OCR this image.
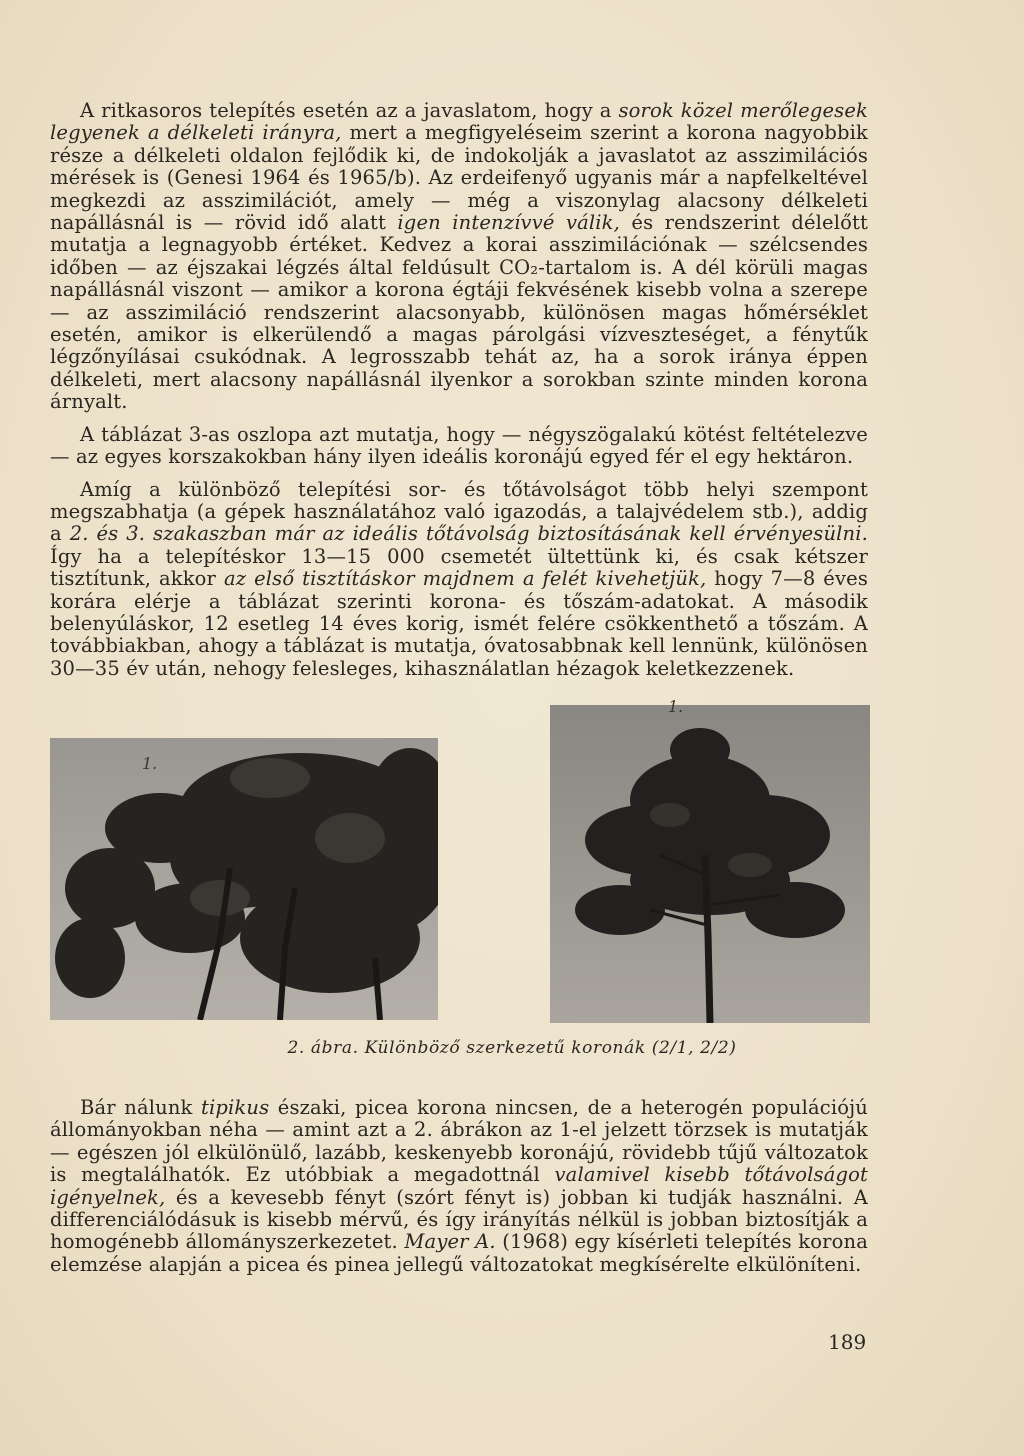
A ritkasoros telepítés esetén az a javaslatom, hogy a sorok közel merőlegesek legyenek a délkeleti irányra, mert a megfigyeléseim szerint a korona nagyobbik része a délkeleti oldalon fejlődik ki, de indokolják a javaslatot az asszimilációs mérések is (Genesi 1964 és 1965/b). Az erdeifenyő ugyanis már a napfelkeltével megkezdi az asszimilációt, amely — még a viszonylag alacsony délkeleti napállásnál is — rövid idő alatt igen intenzívvé válik, és rendszerint délelőtt mutatja a legnagyobb értéket. Kedvez a korai asszimilációnak — szélcsendes időben — az éjszakai légzés által feldúsult CO₂-tartalom is. A dél körüli magas napállásnál viszont — amikor a korona égtáji fekvésének kisebb volna a szerepe — az asszimiláció rendszerint alacsonyabb, különösen magas hőmérséklet esetén, amikor is elkerülendő a magas párolgási vízveszteséget, a fénytűk légzőnyílásai csukódnak. A legrosszabb tehát az, ha a sorok iránya éppen délkeleti, mert alacsony napállásnál ilyenkor a sorokban szinte minden korona árnyalt.

A táblázat 3-as oszlopa azt mutatja, hogy — négyszögalakú kötést feltételezve — az egyes korszakokban hány ilyen ideális koronájú egyed fér el egy hektáron.

Amíg a különböző telepítési sor- és tőtávolságot több helyi szempont megszabhatja (a gépek használatához való igazodás, a talajvédelem stb.), addig a 2. és 3. szakaszban már az ideális tőtávolság biztosításának kell érvényesülni. Így ha a telepítéskor 13—15 000 csemetét ültettünk ki, és csak kétszer tisztítunk, akkor az első tisztításkor majdnem a felét kivehetjük, hogy 7—8 éves korára elérje a táblázat szerinti korona- és tőszám-adatokat. A második belenyúláskor, 12 esetleg 14 éves korig, ismét felére csökkenthető a tőszám. A továbbiakban, ahogy a táblázat is mutatja, óvatosabbnak kell lennünk, különösen 30—35 év után, nehogy felesleges, kihasználatlan hézagok keletkezzenek.

1.
1.
2. ábra. Különböző szerkezetű koronák (2/1, 2/2)

Bár nálunk tipikus északi, picea korona nincsen, de a heterogén populációjú állományokban néha — amint azt a 2. ábrákon az 1-el jelzett törzsek is mutatják — egészen jól elkülönülő, lazább, keskenyebb koronájú, rövidebb tűjű változatok is megtalálhatók. Ez utóbbiak a megadottnál valamivel kisebb tőtávolságot igényelnek, és a kevesebb fényt (szórt fényt is) jobban ki tudják használni. A differenciálódásuk is kisebb mérvű, és így irányítás nélkül is jobban biztosítják a homogénebb állományszerkezetet. Mayer A. (1968) egy kísérleti telepítés korona elemzése alapján a picea és pinea jellegű változatokat megkísérelte elkülöníteni.

189
